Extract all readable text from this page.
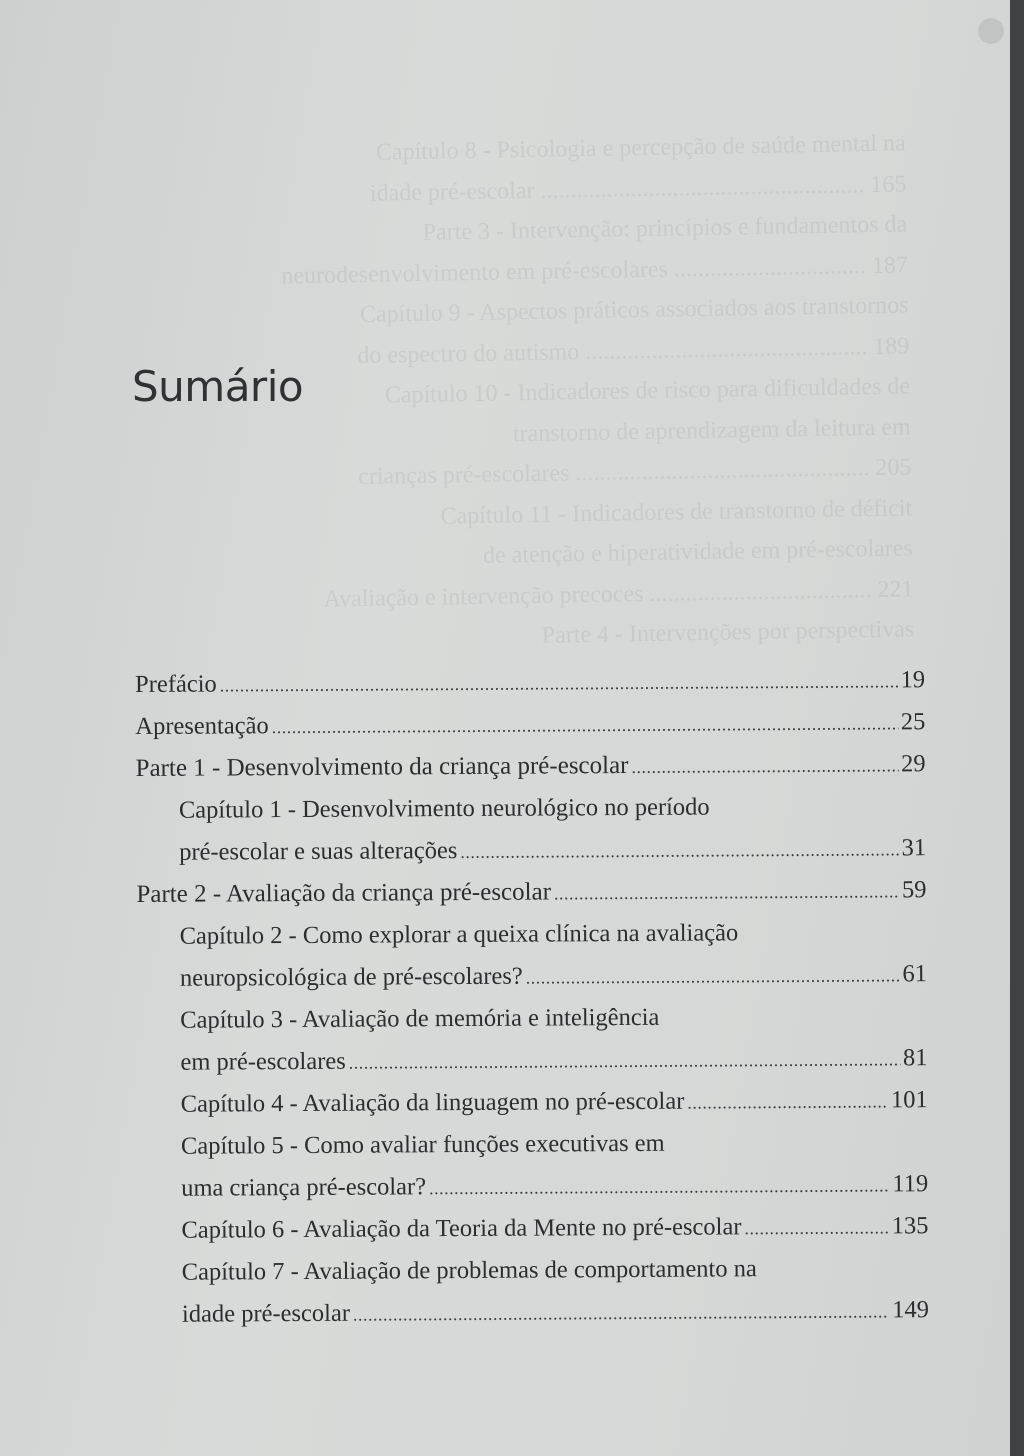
Capítulo 8 - Psicologia e percepção de saúde mental na
idade pré-escolar ...................................................... 165
Parte 3 - Intervenção: princípios e fundamentos da
neurodesenvolvimento em pré-escolares ................................ 187
Capítulo 9 - Aspectos práticos associados aos transtornos
do espectro do autismo ............................................... 189
Capítulo 10 - Indicadores de risco para dificuldades de
transtorno de aprendizagem da leitura em
crianças pré-escolares ................................................. 205
Capítulo 11 - Indicadores de transtorno de déficit
de atenção e hiperatividade em pré-escolares
Avaliação e intervenção precoces ..................................... 221
Parte 4 - Intervenções por perspectivas
Sumário
Prefácio .....	19
Apresentação .....	25
Parte 1 - Desenvolvimento da criança pré-escolar .....	29
Capítulo 1 - Desenvolvimento neurológico no período
pré-escolar e suas alterações .....	31
Parte 2 - Avaliação da criança pré-escolar .....	59
Capítulo 2 - Como explorar a queixa clínica na avaliação
neuropsicológica de pré-escolares? .....	61
Capítulo 3 - Avaliação de memória e inteligência
em pré-escolares .....	81
Capítulo 4 - Avaliação da linguagem no pré-escolar .....	101
Capítulo 5 - Como avaliar funções executivas em
uma criança pré-escolar? .....	119
Capítulo 6 - Avaliação da Teoria da Mente no pré-escolar .....	135
Capítulo 7 - Avaliação de problemas de comportamento na
idade pré-escolar .....	149
